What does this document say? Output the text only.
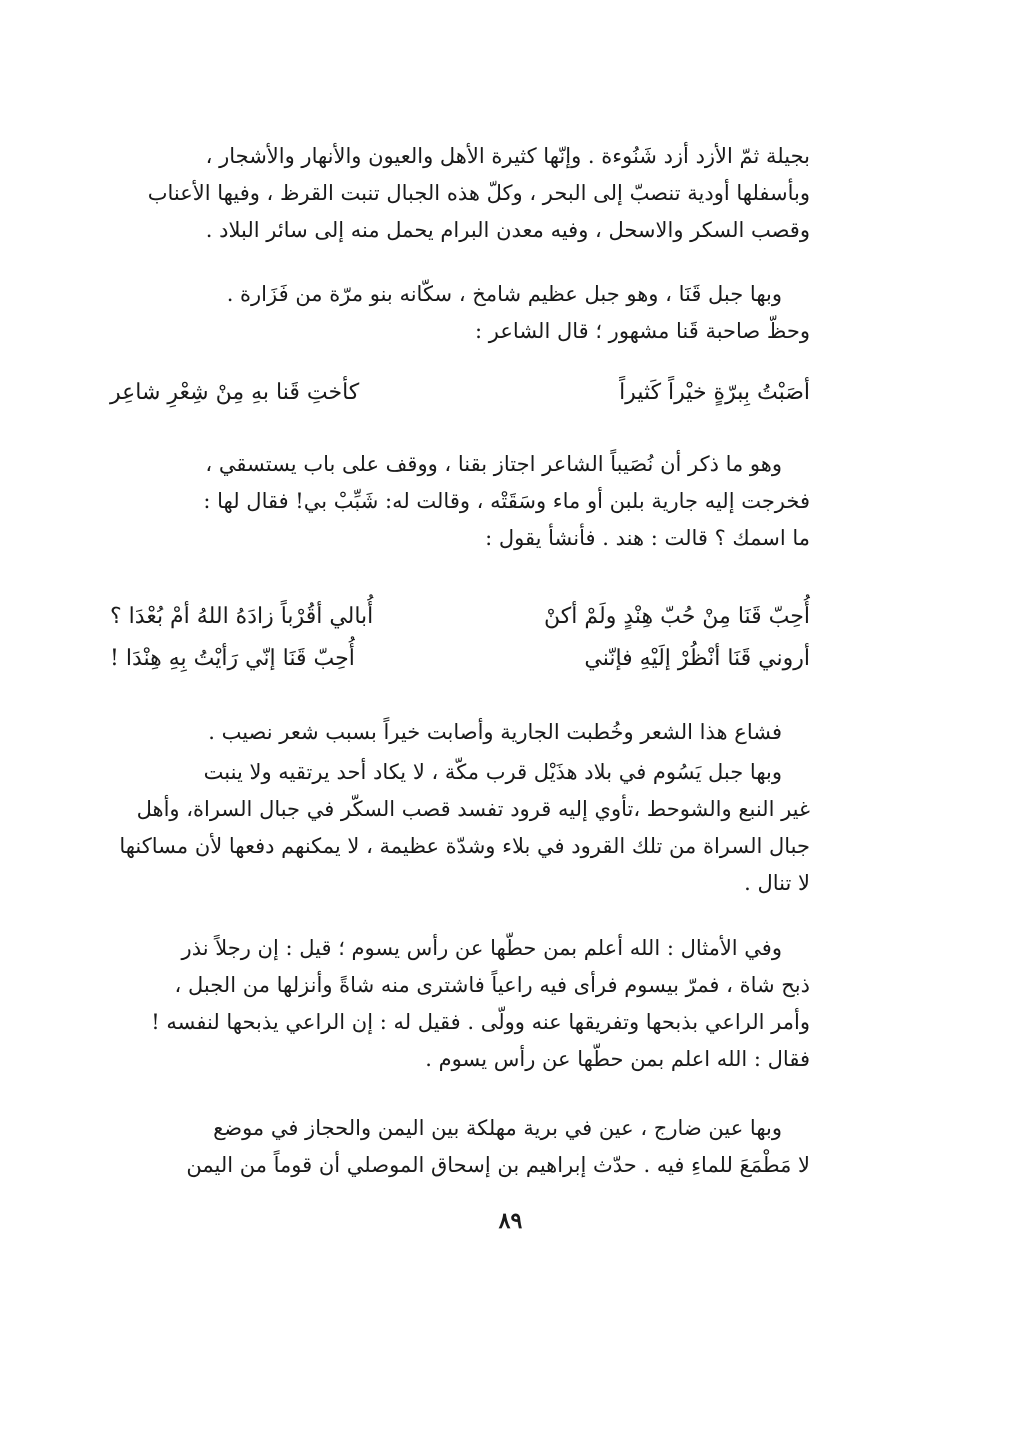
بجيلة ثمّ الأزد أزد شَنُوءة . وإنّها كثيرة الأهل والعيون والأنهار والأشجار ،
وبأسفلها أودية تنصبّ إلى البحر ، وكلّ هذه الجبال تنبت القرظ ، وفيها الأعناب
وقصب السكر والاسحل ، وفيه معدن البرام يحمل منه إلى سائر البلاد .
وبها جبل قَنَا ، وهو جبل عظيم شامخ ، سكّانه بنو مرّة من فَزَارة .
وحظّ صاحبة قَنا مشهور ؛ قال الشاعر :
أصَبْتُ بِبرّةٍ خيْراً كَثيراً
كأختِ قَنا بهِ مِنْ شِعْرِ شاعِر
وهو ما ذكر أن نُصَيباً الشاعر اجتاز بقنا ، ووقف على باب يستسقي ،
فخرجت إليه جارية بلبن أو ماء وسَقَتْه ، وقالت له: شَبِّبْ بي! فقال لها :
ما اسمك ؟ قالت : هند . فأنشأ يقول :
أُحِبّ قَنَا مِنْ حُبّ هِنْدٍ ولَمْ أكنْ
أُبالي أقُرْباً زادَهُ اللهُ أمْ بُعْدَا ؟
أروني قَنَا أنْظُرْ إلَيْهِ فإنّني
أُحِبّ قَنَا إنّي رَأيْتُ بِهِ هِنْدَا !
فشاع هذا الشعر وخُطبت الجارية وأصابت خيراً بسبب شعر نصيب .
وبها جبل يَسُوم في بلاد هذَيْل قرب مكّة ، لا يكاد أحد يرتقيه ولا ينبت
غير النبع والشوحط ،تأوي إليه قرود تفسد قصب السكّر في جبال السراة، وأهل
جبال السراة من تلك القرود في بلاء وشدّة عظيمة ، لا يمكنهم دفعها لأن مساكنها
لا تنال .
وفي الأمثال : الله أعلم بمن حطّها عن رأس يسوم ؛ قيل : إن رجلاً نذر
ذبح شاة ، فمرّ بيسوم فرأى فيه راعياً فاشترى منه شاةً وأنزلها من الجبل ،
وأمر الراعي بذبحها وتفريقها عنه وولّى . فقيل له : إن الراعي يذبحها لنفسه !
فقال : الله اعلم بمن حطّها عن رأس يسوم .
وبها عين ضارج ، عين في برية مهلكة بين اليمن والحجاز في موضع
لا مَطْمَعَ للماءِ فيه . حدّث إبراهيم بن إسحاق الموصلي أن قوماً من اليمن
٨٩
